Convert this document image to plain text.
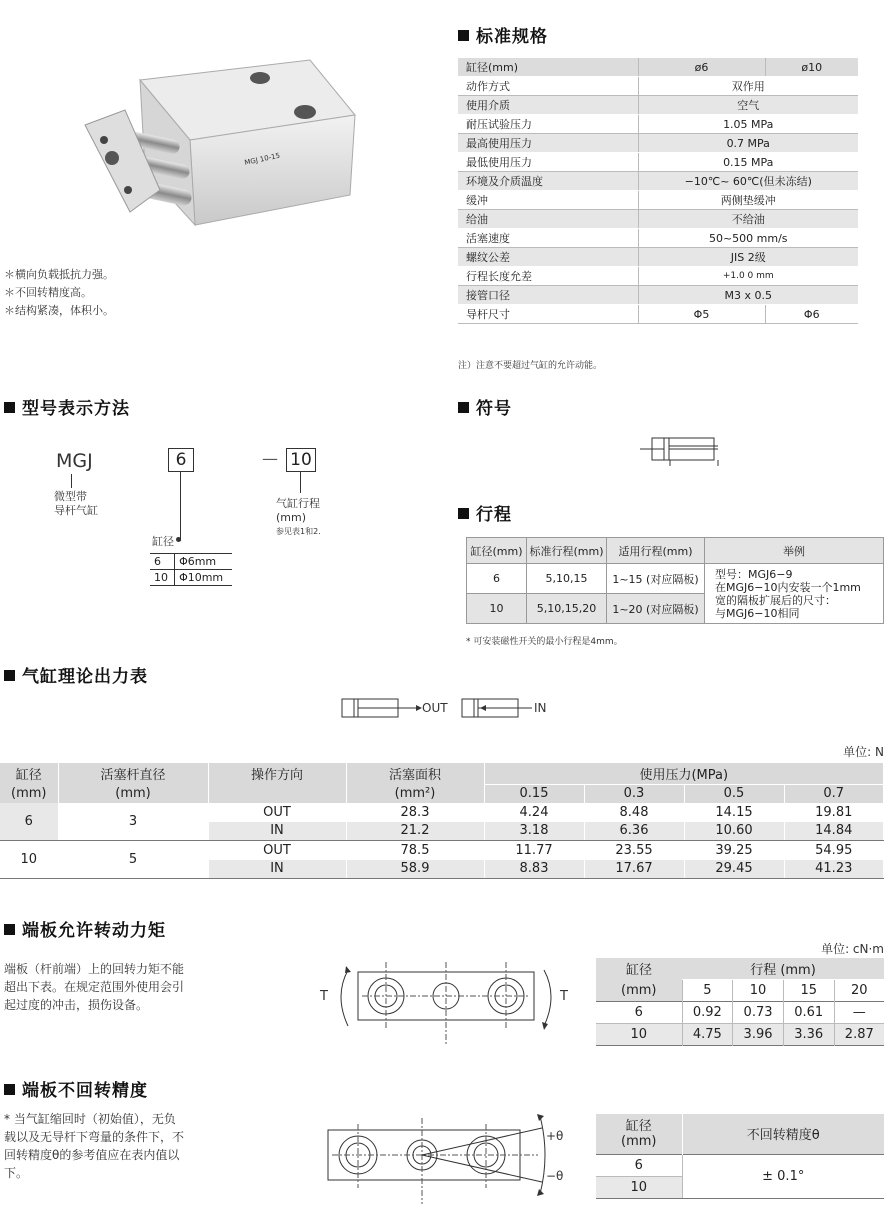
MGJ 10-15
＊横向负载抵抗力强。
＊不回转精度高。
＊结构紧凑，体积小。
标准规格
缸径(mm)	ø6	ø10
动作方式	双作用	
使用介质	空气	
耐压试验压力	1.05 MPa	
最高使用压力	0.7 MPa	
最低使用压力	0.15 MPa	
环境及介质温度	−10℃~ 60℃(但未冻结)	
缓冲	两侧垫缓冲	
给油	不给油	
活塞速度	50~500 mm/s	
螺纹公差	JIS 2级	
行程长度允差	+1.0 0 mm	
接管口径	M3 x 0.5	
导杆尺寸	Φ5	Φ6
注）注意不要超过气缸的允许动能。
型号表示方法
MGJ
微型带
导杆气缸
6
缸径
6	Φ6mm
10	Φ10mm
— 10
气缸行程
(mm)
参见表1和2.
符号
行程
缸径(mm)	标准行程(mm)	适用行程(mm)	举例
6	5,10,15	1~15 (对应隔板)	型号：MGJ6−9
在MGJ6−10内安装一个1mm
宽的隔板扩展后的尺寸：
与MGJ6−10相同

10	5,10,15,20	1~20 (对应隔板)	
* 可安装磁性开关的最小行程是4mm。
气缸理论出力表
OUT	IN
单位: N
缸径	活塞杆直径	操作方向	活塞面积	使用压力(MPa)			
(mm)	(mm)		(mm²)	0.15	0.3	0.5	0.7
6	3	OUT	28.3	4.24	8.48	14.15	19.81
		IN	21.2	3.18	6.36	10.60	14.84
10	5	OUT	78.5	11.77	23.55	39.25	54.95
		IN	58.9	8.83	17.67	29.45	41.23
端板允许转动力矩
端板（杆前端）上的回转力矩不能
超出下表。在规定范围外使用会引
起过度的冲击，损伤设备。
T	T
单位: cN·m
缸径	行程 (mm)			
(mm)	5	10	15	20
6	0.92	0.73	0.61	—
10	4.75	3.96	3.36	2.87
端板不回转精度
* 当气缸缩回时（初始值），无负
载以及无导杆下弯量的条件下，不
回转精度θ的参考值应在表内值以
下。
+θ
−θ
缸径
(mm)	不回转精度θ
6	± 0.1°
10	
